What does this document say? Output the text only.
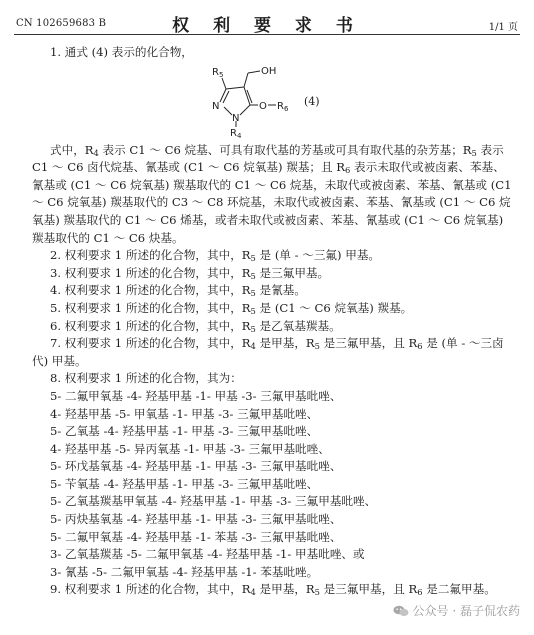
CN 102659683 B	权 利 要 求 书	1/1 页

1. 通式 (4) 表示的化合物，

$R_5$	OH
N
N
O $R_6$
$R_4$
(4)

式中，$R_4$ 表示 C1 ～ C6 烷基、可具有取代基的芳基或可具有取代基的杂芳基；$R_5$ 表示 C1 ～ C6 卤代烷基、氰基或 (C1 ～ C6 烷氧基) 羰基；且 $R_6$ 表示未取代或被卤素、苯基、氰基或 (C1 ～ C6 烷氧基) 羰基取代的 C1 ～ C6 烷基，未取代或被卤素、苯基、氰基或 (C1 ～ C6 烷氧基) 羰基取代的 C3 ～ C8 环烷基，未取代或被卤素、苯基、氰基或 (C1 ～ C6 烷氧基) 羰基取代的 C1 ～ C6 烯基，或者未取代或被卤素、苯基、氰基或 (C1 ～ C6 烷氧基) 羰基取代的 C1 ～ C6 炔基。

2. 权利要求 1 所述的化合物，其中，$R_5$ 是 (单 - ～三氟) 甲基。

3. 权利要求 1 所述的化合物，其中，$R_5$ 是三氟甲基。

4. 权利要求 1 所述的化合物，其中，$R_5$ 是氰基。

5. 权利要求 1 所述的化合物，其中，$R_5$ 是 (C1 ～ C6 烷氧基) 羰基。

6. 权利要求 1 所述的化合物，其中，$R_5$ 是乙氧基羰基。

7. 权利要求 1 所述的化合物，其中，$R_4$ 是甲基，$R_5$ 是三氟甲基，且 $R_6$ 是 (单 - ～三卤代) 甲基。

8. 权利要求 1 所述的化合物，其为：

5- 二氟甲氧基 -4- 羟基甲基 -1- 甲基 -3- 三氟甲基吡唑、

4- 羟基甲基 -5- 甲氧基 -1- 甲基 -3- 三氟甲基吡唑、

5- 乙氧基 -4- 羟基甲基 -1- 甲基 -3- 三氟甲基吡唑、

4- 羟基甲基 -5- 异丙氧基 -1- 甲基 -3- 三氟甲基吡唑、

5- 环戊基氧基 -4- 羟基甲基 -1- 甲基 -3- 三氟甲基吡唑、

5- 苄氧基 -4- 羟基甲基 -1- 甲基 -3- 三氟甲基吡唑、

5- 乙氧基羰基甲氧基 -4- 羟基甲基 -1- 甲基 -3- 三氟甲基吡唑、

5- 丙炔基氧基 -4- 羟基甲基 -1- 甲基 -3- 三氟甲基吡唑、

5- 二氟甲氧基 -4- 羟基甲基 -1- 苯基 -3- 三氟甲基吡唑、

3- 乙氧基羰基 -5- 二氟甲氧基 -4- 羟基甲基 -1- 甲基吡唑、或

3- 氰基 -5- 二氟甲氧基 -4- 羟基甲基 -1- 苯基吡唑。

9. 权利要求 1 所述的化合物，其中，$R_4$ 是甲基，$R_5$ 是三氟甲基，且 $R_6$ 是二氟甲基。

公众号 · 磊子侃农药
